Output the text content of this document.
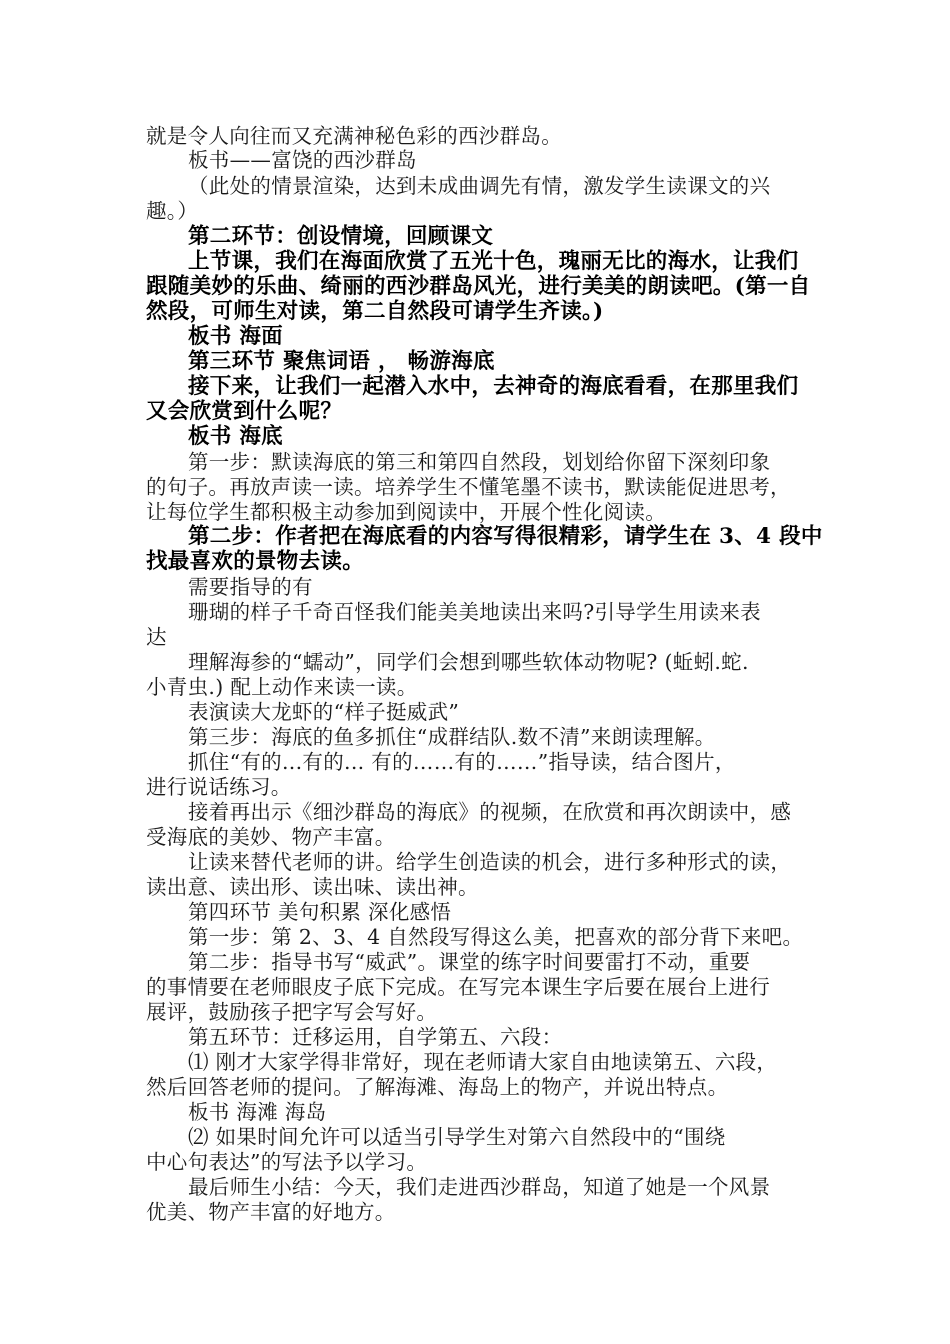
就是令人向往而又充满神秘色彩的西沙群岛。
板书——富饶的西沙群岛
（此处的情景渲染，达到未成曲调先有情，激发学生读课文的兴
趣。）
第二环节：创设情境，回顾课文
上节课，我们在海面欣赏了五光十色，瑰丽无比的海水，让我们
跟随美妙的乐曲、绮丽的西沙群岛风光，进行美美的朗读吧。(第一自
然段，可师生对读，第二自然段可请学生齐读。)
板书 海面
第三环节 聚焦词语 ， 畅游海底
接下来，让我们一起潜入水中，去神奇的海底看看，在那里我们
又会欣赏到什么呢？
板书 海底
第一步：默读海底的第三和第四自然段，划划给你留下深刻印象
的句子。再放声读一读。培养学生不懂笔墨不读书，默读能促进思考，
让每位学生都积极主动参加到阅读中，开展个性化阅读。
第二步：作者把在海底看的内容写得很精彩，请学生在 3、4 段中
找最喜欢的景物去读。
需要指导的有
珊瑚的样子千奇百怪我们能美美地读出来吗?引导学生用读来表
达
理解海参的“蠕动”，同学们会想到哪些软体动物呢? (蚯蚓.蛇.
小青虫.) 配上动作来读一读。
表演读大龙虾的“样子挺威武”
第三步：海底的鱼多抓住“成群结队.数不清”来朗读理解。
抓住“有的...有的... 有的……有的……”指导读，结合图片，
进行说话练习。
接着再出示《细沙群岛的海底》的视频，在欣赏和再次朗读中，感
受海底的美妙、物产丰富。
让读来替代老师的讲。给学生创造读的机会，进行多种形式的读，
读出意、读出形、读出味、读出神。
第四环节 美句积累 深化感悟
第一步：第 2、3、4 自然段写得这么美，把喜欢的部分背下来吧。
第二步：指导书写“威武”。课堂的练字时间要雷打不动，重要
的事情要在老师眼皮子底下完成。在写完本课生字后要在展台上进行
展评，鼓励孩子把字写会写好。
第五环节：迁移运用，自学第五、六段：
⑴ 刚才大家学得非常好，现在老师请大家自由地读第五、六段，
然后回答老师的提问。了解海滩、海岛上的物产，并说出特点。
板书 海滩 海岛
⑵ 如果时间允许可以适当引导学生对第六自然段中的“围绕
中心句表达”的写法予以学习。
最后师生小结：今天，我们走进西沙群岛，知道了她是一个风景
优美、物产丰富的好地方。
